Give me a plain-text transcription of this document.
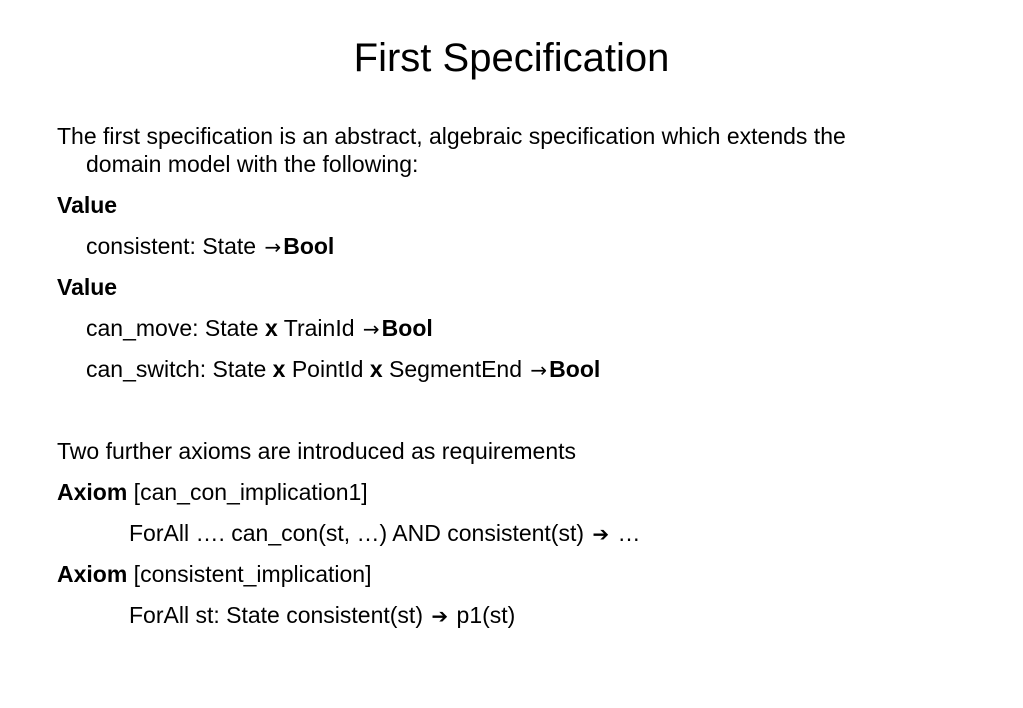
First Specification
The first specification is an abstract, algebraic specification which extends the
domain model with the following:
Value
consistent: State →Bool
Value
can_move: State x TrainId →Bool
can_switch: State x PointId x SegmentEnd →Bool
Two further axioms are introduced as requirements
Axiom [can_con_implication1]
ForAll …. can_con(st, …) AND consistent(st) ➔ …
Axiom [consistent_implication]
ForAll st: State consistent(st) ➔ p1(st)
